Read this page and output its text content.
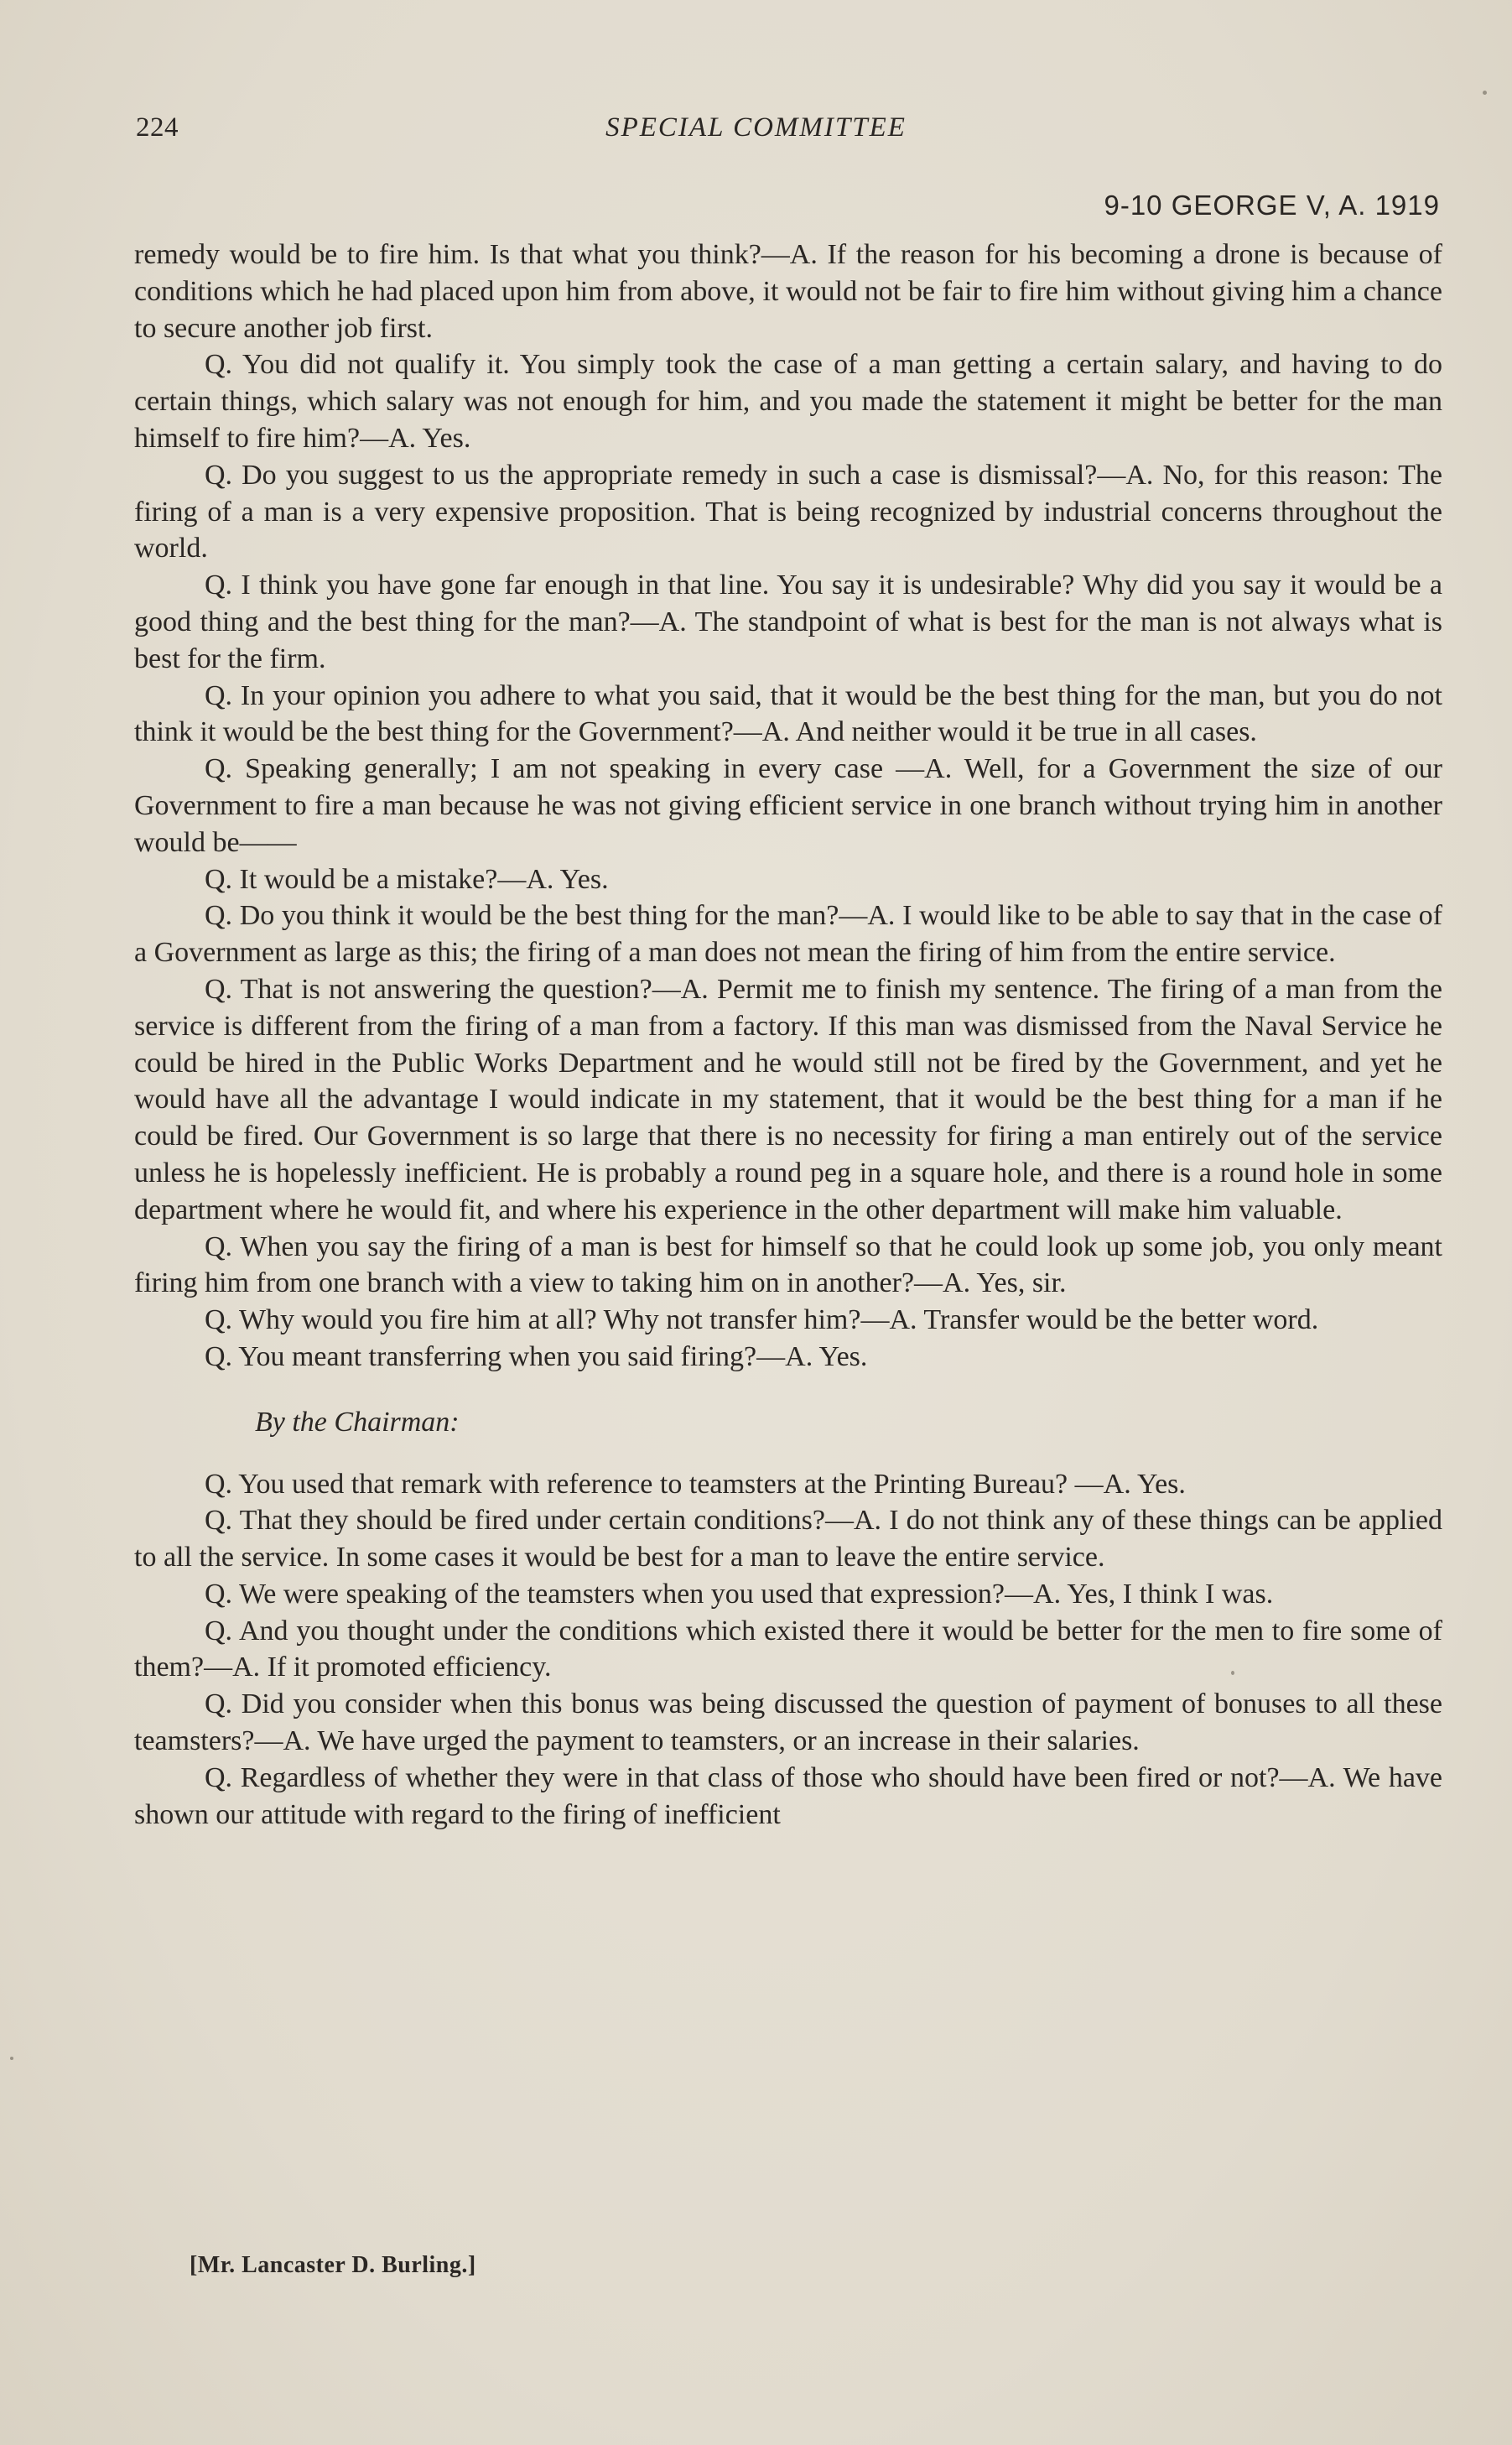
224	SPECIAL COMMITTEE
9-10 GEORGE V, A. 1919

remedy would be to fire him. Is that what you think?—A. If the reason for his becoming a drone is because of conditions which he had placed upon him from above, it would not be fair to fire him without giving him a chance to secure another job first.

Q. You did not qualify it. You simply took the case of a man getting a certain salary, and having to do certain things, which salary was not enough for him, and you made the statement it might be better for the man himself to fire him?—A. Yes.

Q. Do you suggest to us the appropriate remedy in such a case is dismissal?—A. No, for this reason: The firing of a man is a very expensive proposition. That is being recognized by industrial concerns throughout the world.

Q. I think you have gone far enough in that line. You say it is undesirable? Why did you say it would be a good thing and the best thing for the man?—A. The standpoint of what is best for the man is not always what is best for the firm.

Q. In your opinion you adhere to what you said, that it would be the best thing for the man, but you do not think it would be the best thing for the Government?—A. And neither would it be true in all cases.

Q. Speaking generally; I am not speaking in every case —A. Well, for a Government the size of our Government to fire a man because he was not giving efficient service in one branch without trying him in another would be——

Q. It would be a mistake?—A. Yes.

Q. Do you think it would be the best thing for the man?—A. I would like to be able to say that in the case of a Government as large as this; the firing of a man does not mean the firing of him from the entire service.

Q. That is not answering the question?—A. Permit me to finish my sentence. The firing of a man from the service is different from the firing of a man from a factory. If this man was dismissed from the Naval Service he could be hired in the Public Works Department and he would still not be fired by the Government, and yet he would have all the advantage I would indicate in my statement, that it would be the best thing for a man if he could be fired. Our Government is so large that there is no necessity for firing a man entirely out of the service unless he is hopelessly inefficient. He is probably a round peg in a square hole, and there is a round hole in some department where he would fit, and where his experience in the other department will make him valuable.

Q. When you say the firing of a man is best for himself so that he could look up some job, you only meant firing him from one branch with a view to taking him on in another?—A. Yes, sir.

Q. Why would you fire him at all? Why not transfer him?—A. Transfer would be the better word.

Q. You meant transferring when you said firing?—A. Yes.

By the Chairman:

Q. You used that remark with reference to teamsters at the Printing Bureau? —A. Yes.

Q. That they should be fired under certain conditions?—A. I do not think any of these things can be applied to all the service. In some cases it would be best for a man to leave the entire service.

Q. We were speaking of the teamsters when you used that expression?—A. Yes, I think I was.

Q. And you thought under the conditions which existed there it would be better for the men to fire some of them?—A. If it promoted efficiency.

Q. Did you consider when this bonus was being discussed the question of payment of bonuses to all these teamsters?—A. We have urged the payment to teamsters, or an increase in their salaries.

Q. Regardless of whether they were in that class of those who should have been fired or not?—A. We have shown our attitude with regard to the firing of inefficient

[Mr. Lancaster D. Burling.]
